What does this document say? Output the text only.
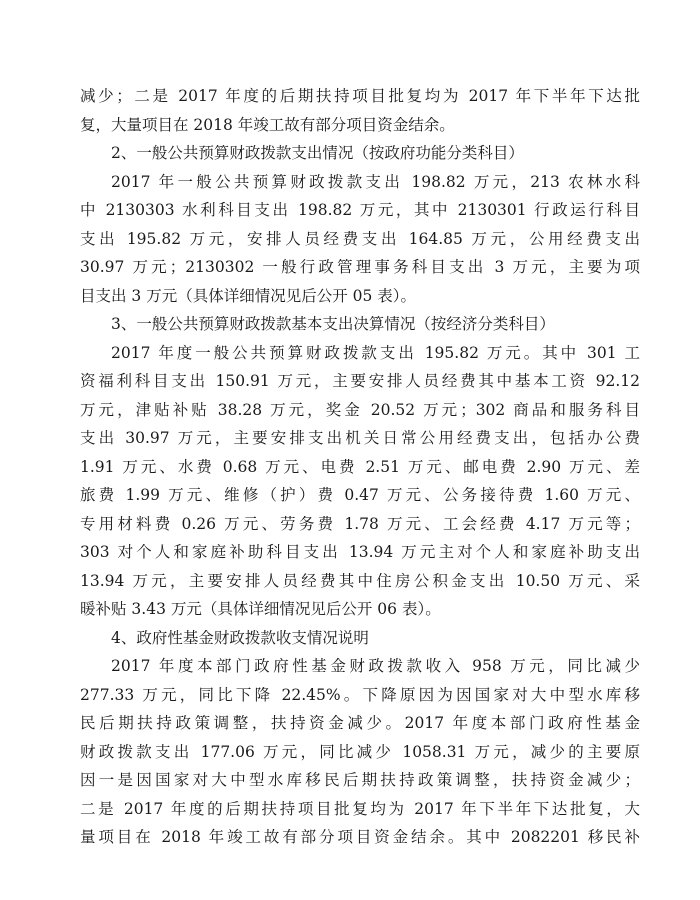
减少；二是 2017 年度的后期扶持项目批复均为 2017 年下半年下达批
复，大量项目在 2018 年竣工故有部分项目资金结余。
2、一般公共预算财政拨款支出情况（按政府功能分类科目）
2017 年一般公共预算财政拨款支出 198.82 万元，213 农林水科
中 2130303 水利科目支出 198.82 万元，其中 2130301 行政运行科目
支出 195.82 万元，安排人员经费支出 164.85 万元，公用经费支出
30.97 万元；2130302 一般行政管理事务科目支出 3 万元，主要为项
目支出 3 万元（具体详细情况见后公开 05 表）。
3、一般公共预算财政拨款基本支出决算情况（按经济分类科目）
2017 年度一般公共预算财政拨款支出 195.82 万元。其中 301 工
资福利科目支出 150.91 万元，主要安排人员经费其中基本工资 92.12
万元，津贴补贴 38.28 万元，奖金 20.52 万元；302 商品和服务科目
支出 30.97 万元，主要安排支出机关日常公用经费支出，包括办公费
1.91 万元、水费 0.68 万元、电费 2.51 万元、邮电费 2.90 万元、差
旅费 1.99 万元、维修（护）费 0.47 万元、公务接待费 1.60 万元、
专用材料费 0.26 万元、劳务费 1.78 万元、工会经费 4.17 万元等；
303 对个人和家庭补助科目支出 13.94 万元主对个人和家庭补助支出
13.94 万元，主要安排人员经费其中住房公积金支出 10.50 万元、采
暖补贴 3.43 万元（具体详细情况见后公开 06 表）。
4、政府性基金财政拨款收支情况说明
2017 年度本部门政府性基金财政拨款收入 958 万元，同比减少
277.33 万元，同比下降 22.45%。下降原因为因国家对大中型水库移
民后期扶持政策调整，扶持资金减少。2017 年度本部门政府性基金
财政拨款支出 177.06 万元，同比减少 1058.31 万元，减少的主要原
因一是因国家对大中型水库移民后期扶持政策调整，扶持资金减少；
二是 2017 年度的后期扶持项目批复均为 2017 年下半年下达批复，大
量项目在 2018 年竣工故有部分项目资金结余。其中 2082201 移民补
